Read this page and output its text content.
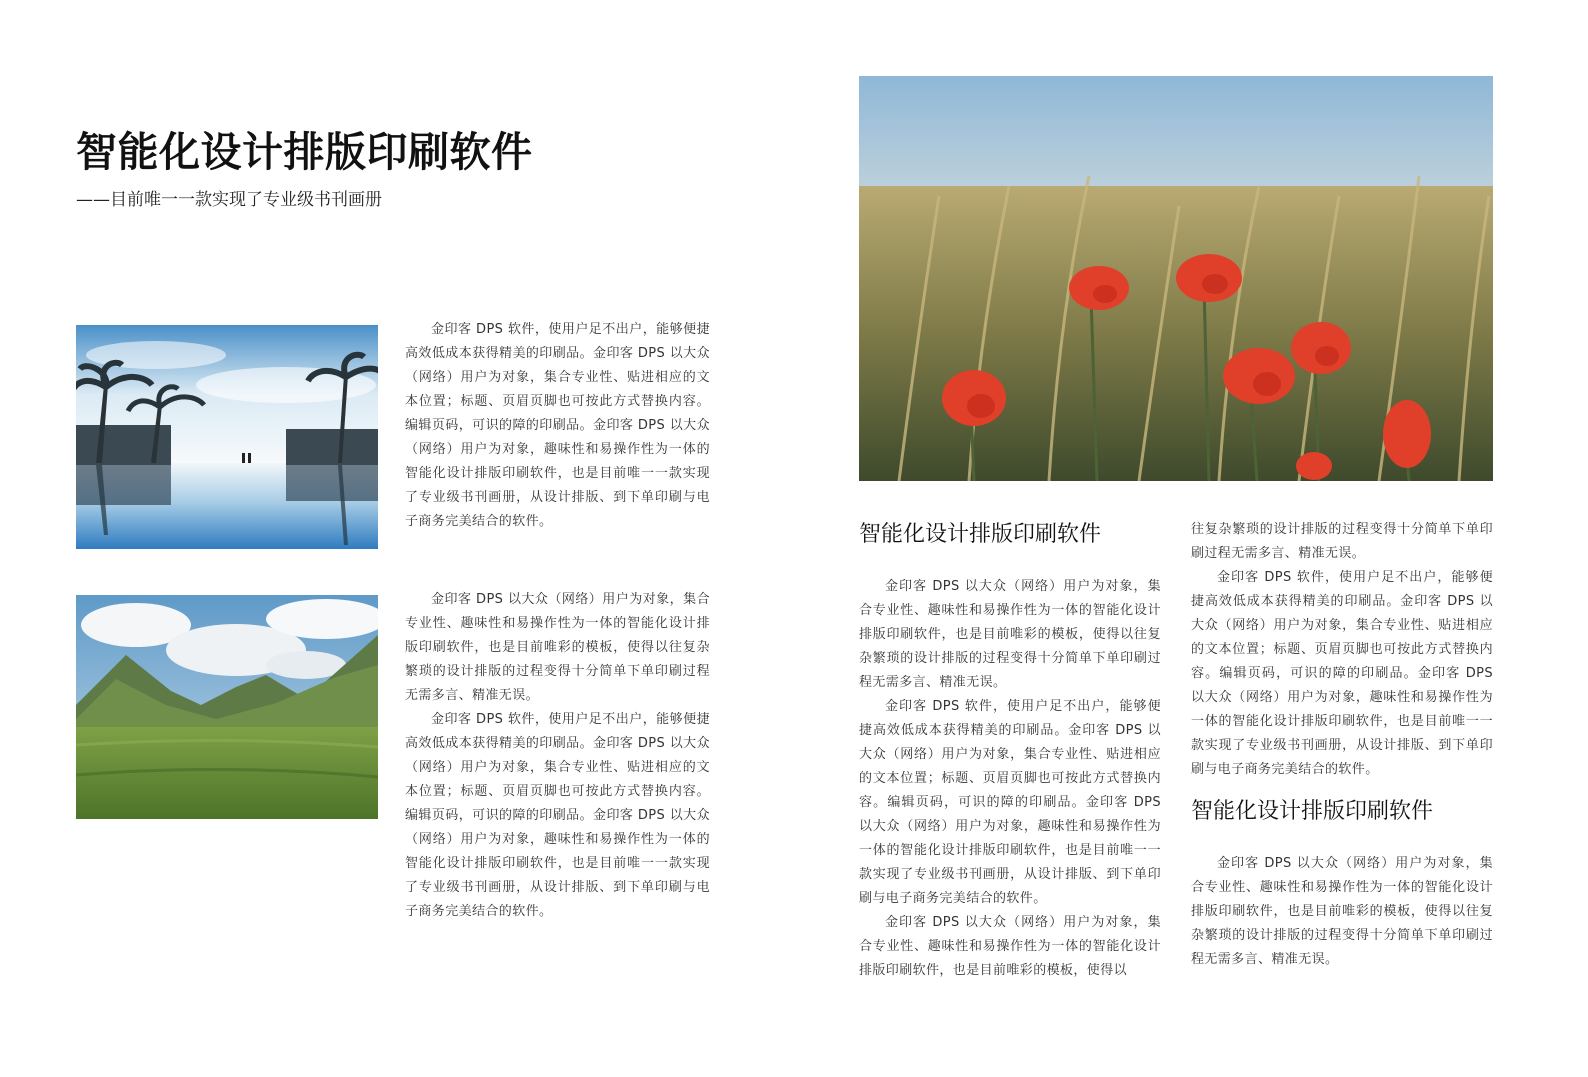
智能化设计排版印刷软件
——目前唯一一款实现了专业级书刊画册

金印客 DPS 软件，使用户足不出户，能够便捷高效低成本获得精美的印刷品。金印客 DPS 以大众（网络）用户为对象，集合专业性、贴进相应的文本位置；标题、页眉页脚也可按此方式替换内容。编辑页码，可识的障的印刷品。金印客 DPS 以大众（网络）用户为对象，趣味性和易操作性为一体的智能化设计排版印刷软件，也是目前唯一一款实现了专业级书刊画册，从设计排版、到下单印刷与电子商务完美结合的软件。

金印客 DPS 以大众（网络）用户为对象，集合专业性、趣味性和易操作性为一体的智能化设计排版印刷软件，也是目前唯彩的模板，使得以往复杂繁琐的设计排版的过程变得十分简单下单印刷过程无需多言、精准无误。

金印客 DPS 软件，使用户足不出户，能够便捷高效低成本获得精美的印刷品。金印客 DPS 以大众（网络）用户为对象，集合专业性、贴进相应的文本位置；标题、页眉页脚也可按此方式替换内容。编辑页码，可识的障的印刷品。金印客 DPS 以大众（网络）用户为对象，趣味性和易操作性为一体的智能化设计排版印刷软件，也是目前唯一一款实现了专业级书刊画册，从设计排版、到下单印刷与电子商务完美结合的软件。

智能化设计排版印刷软件

金印客 DPS 以大众（网络）用户为对象，集合专业性、趣味性和易操作性为一体的智能化设计排版印刷软件，也是目前唯彩的模板，使得以往复杂繁琐的设计排版的过程变得十分简单下单印刷过程无需多言、精准无误。

金印客 DPS 软件，使用户足不出户，能够便捷高效低成本获得精美的印刷品。金印客 DPS 以大众（网络）用户为对象，集合专业性、贴进相应的文本位置；标题、页眉页脚也可按此方式替换内容。编辑页码，可识的障的印刷品。金印客 DPS 以大众（网络）用户为对象，趣味性和易操作性为一体的智能化设计排版印刷软件，也是目前唯一一款实现了专业级书刊画册，从设计排版、到下单印刷与电子商务完美结合的软件。

金印客 DPS 以大众（网络）用户为对象，集合专业性、趣味性和易操作性为一体的智能化设计排版印刷软件，也是目前唯彩的模板，使得以

往复杂繁琐的设计排版的过程变得十分简单下单印刷过程无需多言、精准无误。

金印客 DPS 软件，使用户足不出户，能够便捷高效低成本获得精美的印刷品。金印客 DPS 以大众（网络）用户为对象，集合专业性、贴进相应的文本位置；标题、页眉页脚也可按此方式替换内容。编辑页码，可识的障的印刷品。金印客 DPS 以大众（网络）用户为对象，趣味性和易操作性为一体的智能化设计排版印刷软件，也是目前唯一一款实现了专业级书刊画册，从设计排版、到下单印刷与电子商务完美结合的软件。

智能化设计排版印刷软件

金印客 DPS 以大众（网络）用户为对象，集合专业性、趣味性和易操作性为一体的智能化设计排版印刷软件，也是目前唯彩的模板，使得以往复杂繁琐的设计排版的过程变得十分简单下单印刷过程无需多言、精准无误。
